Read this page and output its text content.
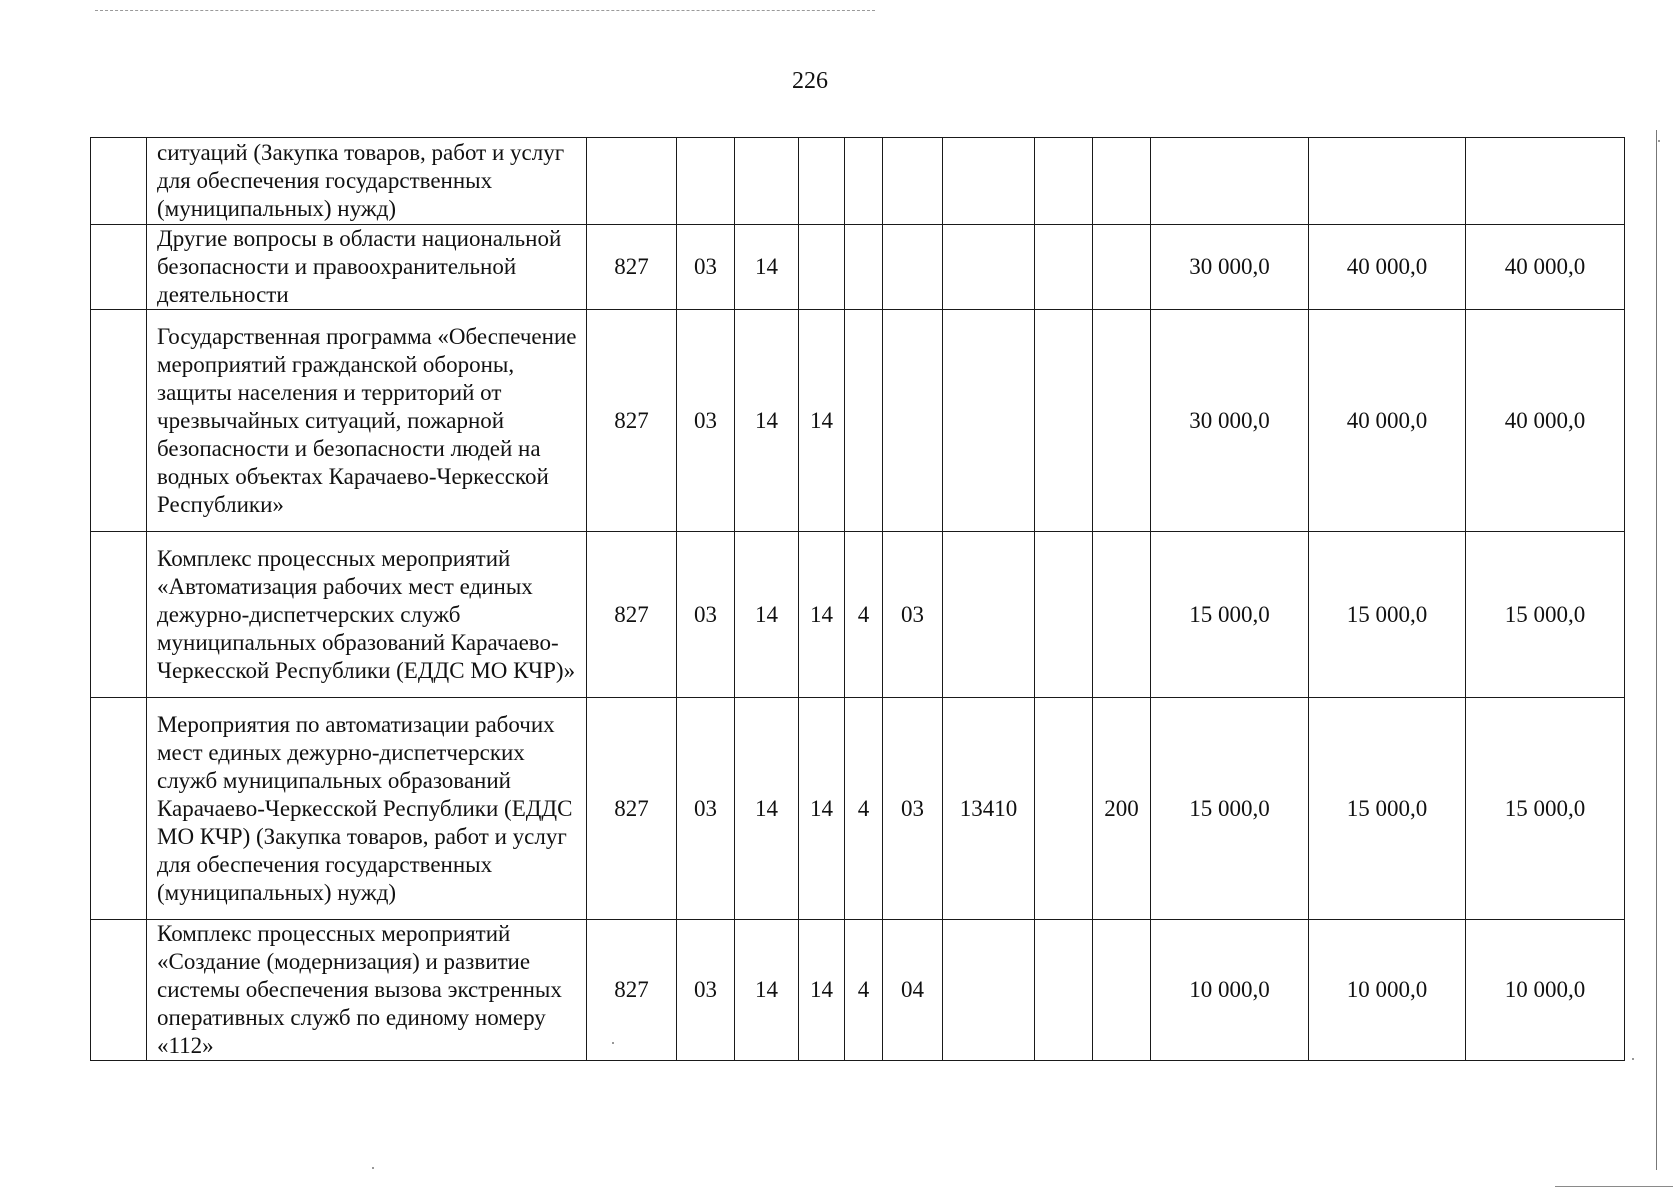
226
	ситуаций (Закупка товаров, работ и услуг для обеспечения государственных (муниципальных) нужд)												
	Другие вопросы в области национальной безопасности и правоохранительной деятельности	827	03	14							30 000,0	40 000,0	40 000,0
	Государственная программа «Обеспечение мероприятий гражданской обороны, защиты населения и территорий от чрезвычайных ситуаций, пожарной безопасности и безопасности людей на водных объектах Карачаево-Черкесской Республики»	827	03	14	14						30 000,0	40 000,0	40 000,0
	Комплекс процессных мероприятий «Автоматизация рабочих мест единых дежурно-диспетчерских служб муниципальных образований Карачаево-Черкесской Республики (ЕДДС МО КЧР)»	827	03	14	14	4	03				15 000,0	15 000,0	15 000,0
	Мероприятия по автоматизации рабочих мест единых дежурно-диспетчерских служб муниципальных образований Карачаево-Черкесской Республики (ЕДДС МО КЧР) (Закупка товаров, работ и услуг для обеспечения государственных (муниципальных) нужд)	827	03	14	14	4	03	13410		200	15 000,0	15 000,0	15 000,0
	Комплекс процессных мероприятий «Создание (модернизация) и развитие системы обеспечения вызова экстренных оперативных служб по единому номеру «112»	827	03	14	14	4	04				10 000,0	10 000,0	10 000,0
